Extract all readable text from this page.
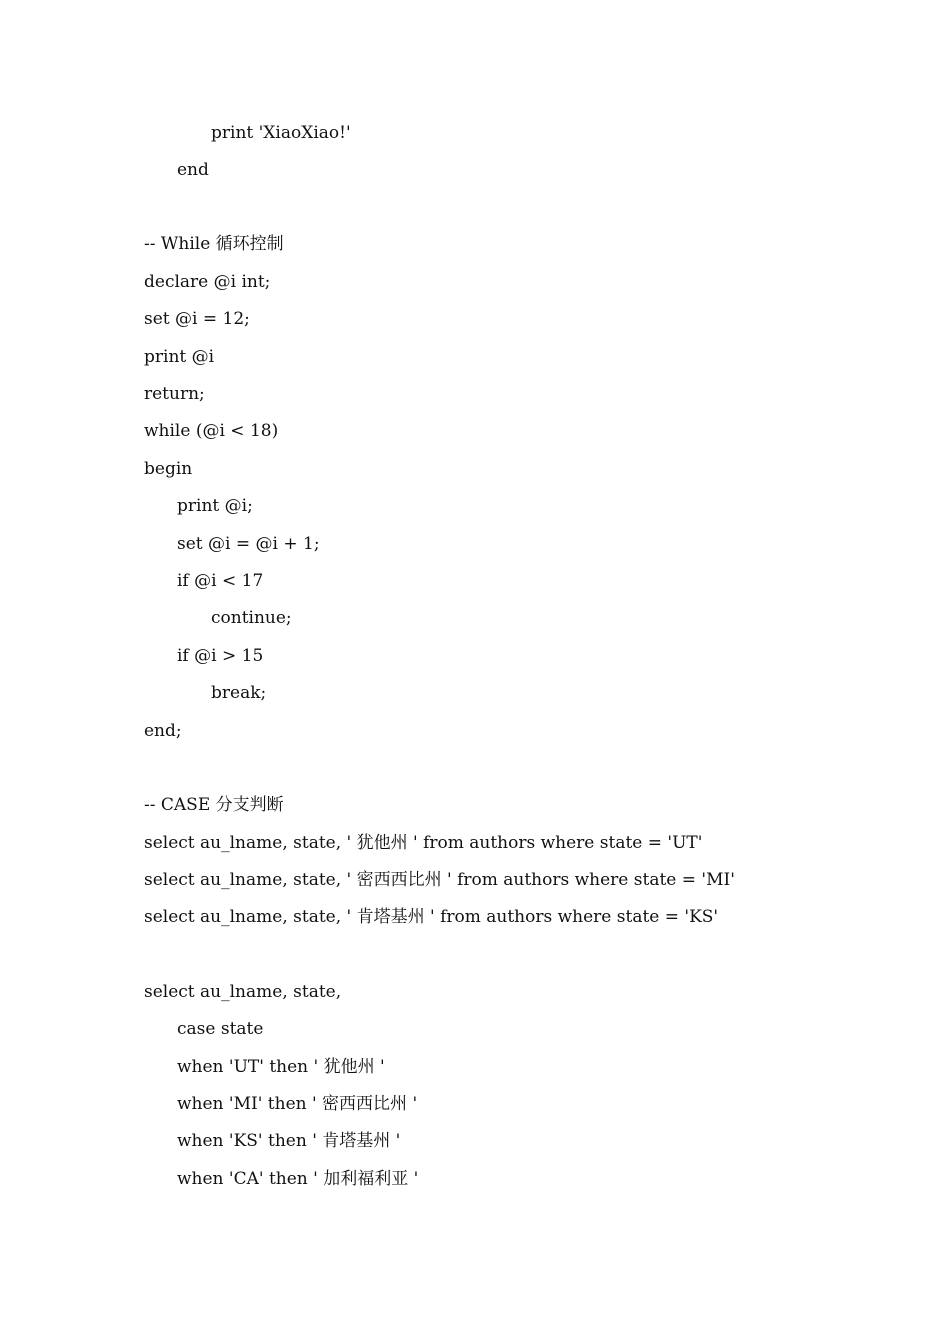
print 'XiaoXiao!'
end
-- While 循环控制
declare @i int;
set @i = 12;
print @i
return;
while (@i < 18)
begin
print @i;
set @i = @i + 1;
if @i < 17
continue;
if @i > 15
break;
end;
-- CASE 分支判断
select au_lname, state, ' 犹他州 ' from authors where state = 'UT'
select au_lname, state, ' 密西西比州 ' from authors where state = 'MI'
select au_lname, state, ' 肯塔基州 ' from authors where state = 'KS'
select au_lname, state,
case state
when 'UT' then ' 犹他州 '
when 'MI' then ' 密西西比州 '
when 'KS' then ' 肯塔基州 '
when 'CA' then ' 加利福利亚 '
